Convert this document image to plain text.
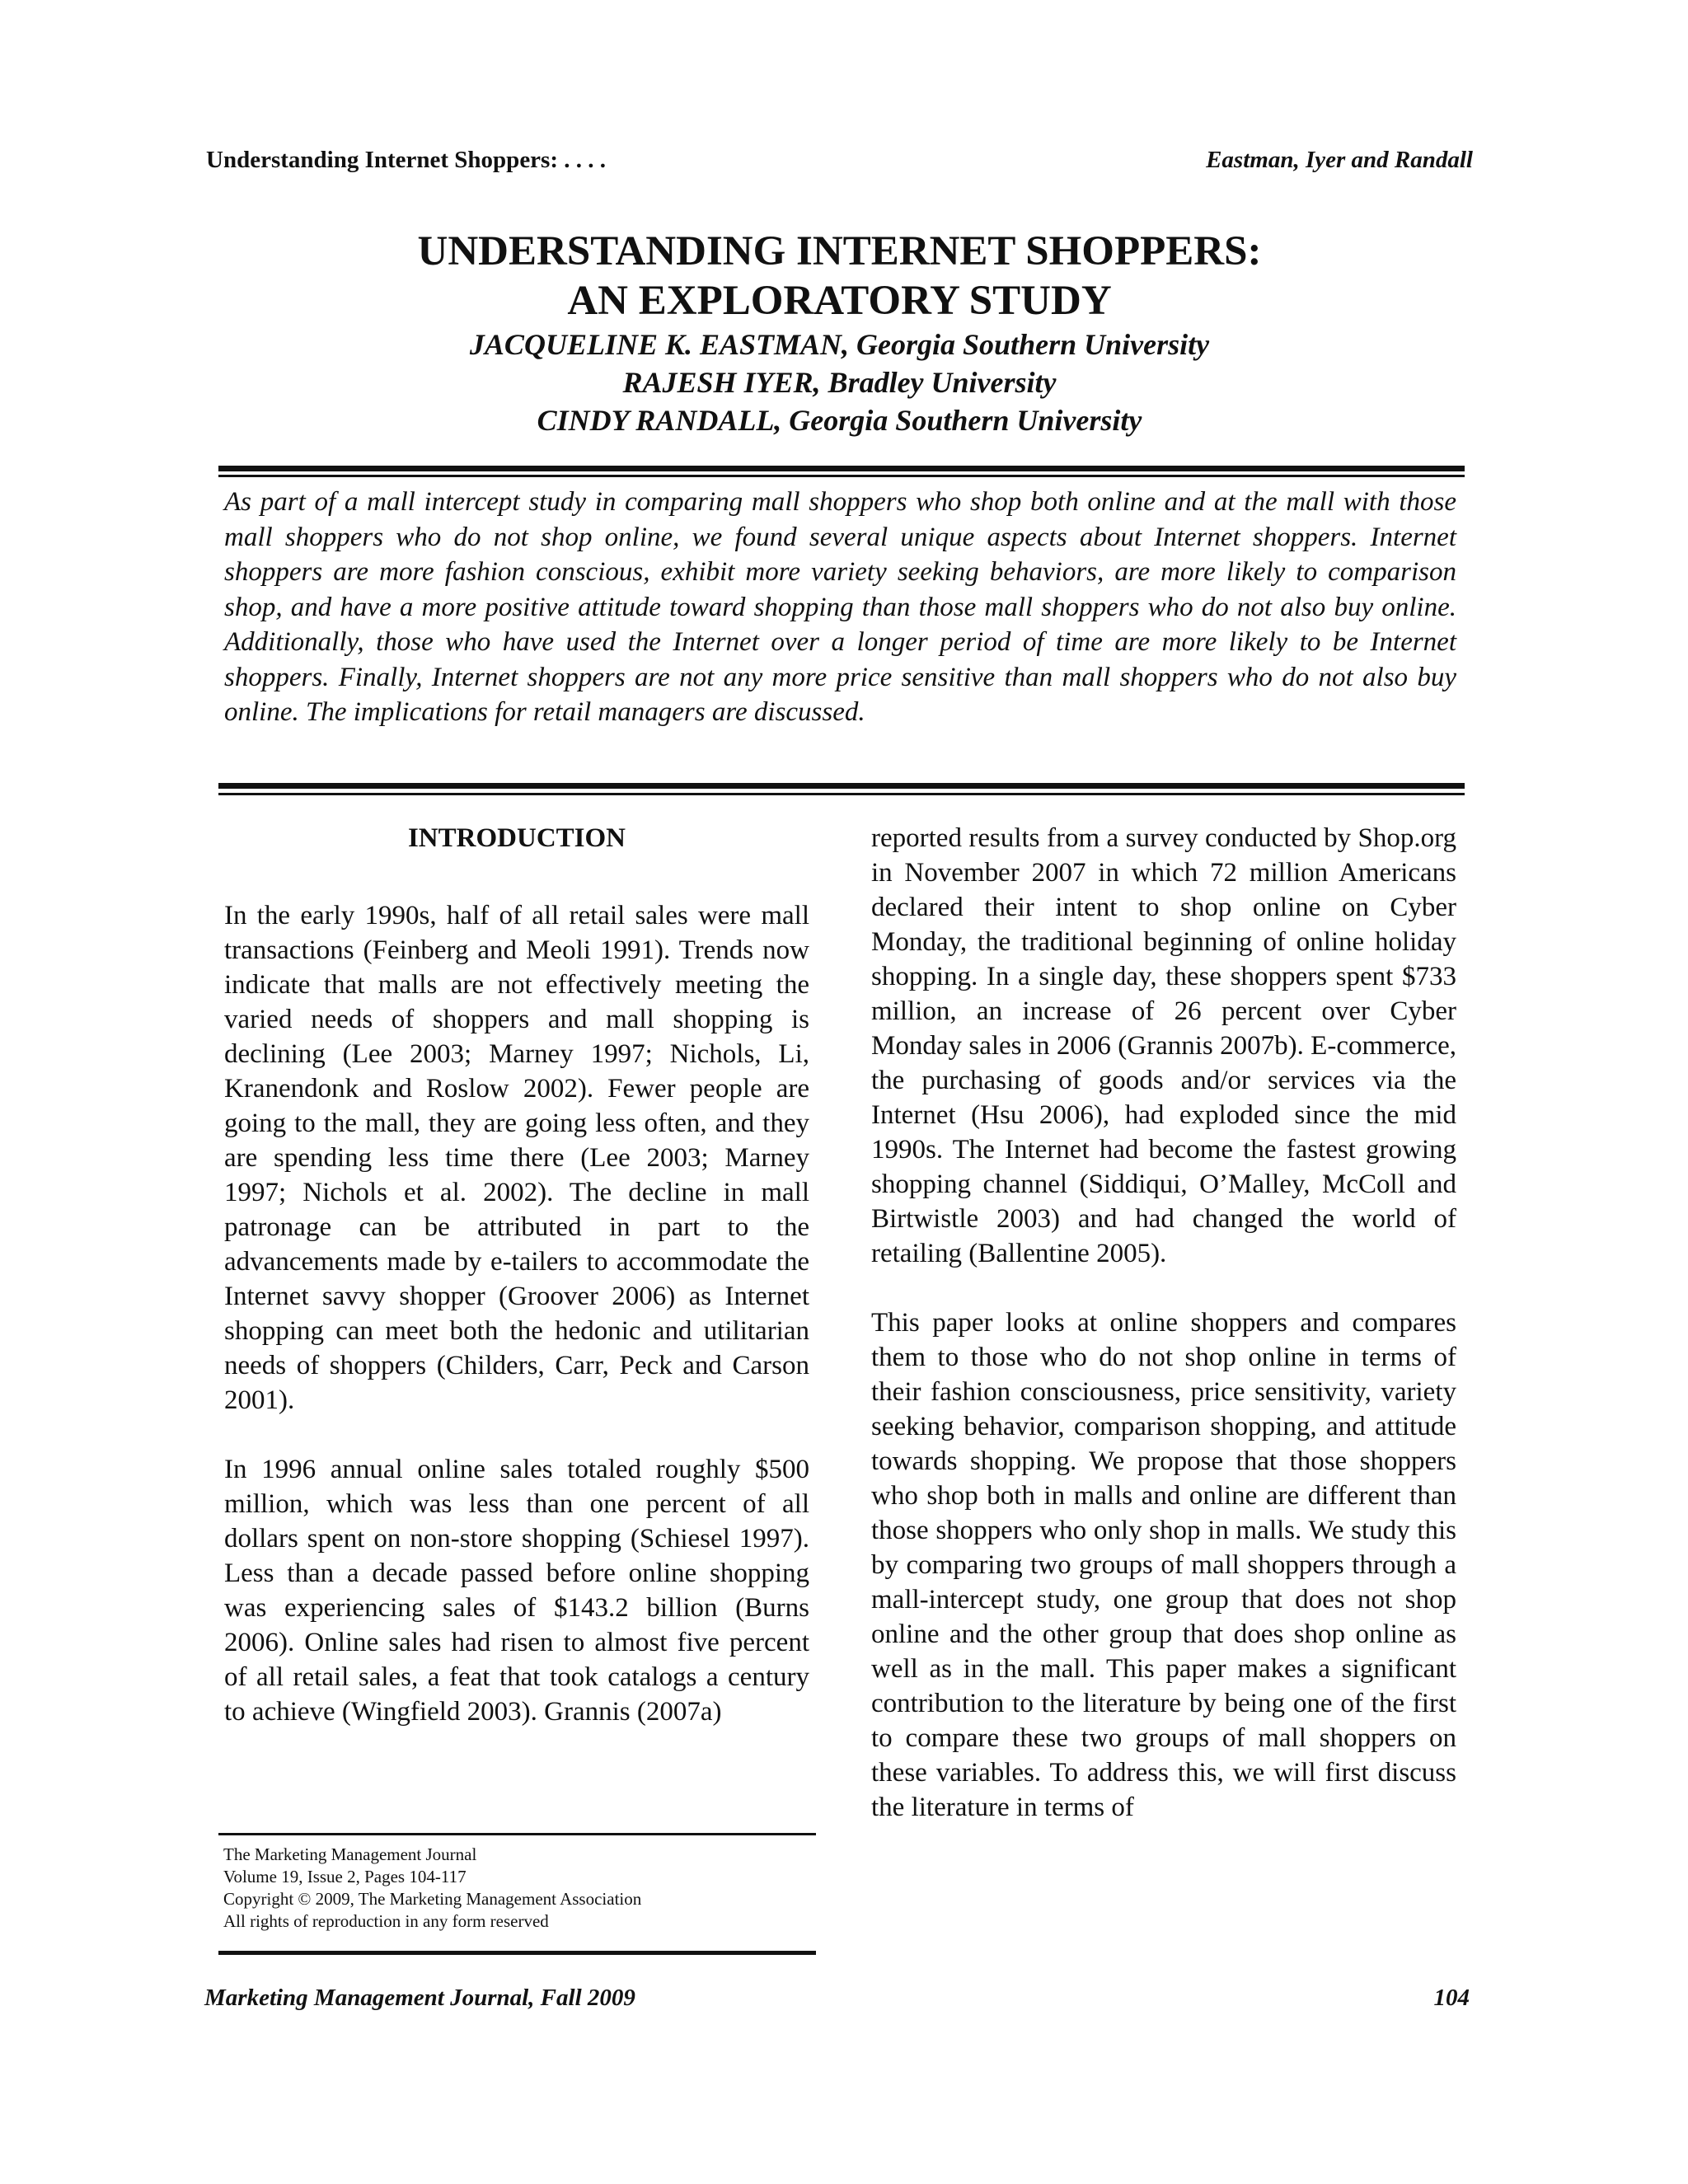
Understanding Internet Shoppers: . . . .	Eastman, Iyer and Randall
UNDERSTANDING INTERNET SHOPPERS:
AN EXPLORATORY STUDY
JACQUELINE K. EASTMAN, Georgia Southern University
RAJESH IYER, Bradley University
CINDY RANDALL, Georgia Southern University
As part of a mall intercept study in comparing mall shoppers who shop both online and at the mall with those mall shoppers who do not shop online, we found several unique aspects about Internet shoppers. Internet shoppers are more fashion conscious, exhibit more variety seeking behaviors, are more likely to comparison shop, and have a more positive attitude toward shopping than those mall shoppers who do not also buy online. Additionally, those who have used the Internet over a longer period of time are more likely to be Internet shoppers. Finally, Internet shoppers are not any more price sensitive than mall shoppers who do not also buy online. The implications for retail managers are discussed.
INTRODUCTION

In the early 1990s, half of all retail sales were mall transactions (Feinberg and Meoli 1991). Trends now indicate that malls are not effectively meeting the varied needs of shoppers and mall shopping is declining (Lee 2003; Marney 1997; Nichols, Li, Kranendonk and Roslow 2002). Fewer people are going to the mall, they are going less often, and they are spending less time there (Lee 2003; Marney 1997; Nichols et al. 2002). The decline in mall patronage can be attributed in part to the advancements made by e-tailers to accommodate the Internet savvy shopper (Groover 2006) as Internet shopping can meet both the hedonic and utilitarian needs of shoppers (Childers, Carr, Peck and Carson 2001).

In 1996 annual online sales totaled roughly $500 million, which was less than one percent of all dollars spent on non-store shopping (Schiesel 1997). Less than a decade passed before online shopping was experiencing sales of $143.2 billion (Burns 2006). Online sales had risen to almost five percent of all retail sales, a feat that took catalogs a century to achieve (Wingfield 2003). Grannis (2007a)

The Marketing Management Journal
Volume 19, Issue 2, Pages 104-117
Copyright © 2009, The Marketing Management Association
All rights of reproduction in any form reserved

reported results from a survey conducted by Shop.org in November 2007 in which 72 million Americans declared their intent to shop online on Cyber Monday, the traditional beginning of online holiday shopping. In a single day, these shoppers spent $733 million, an increase of 26 percent over Cyber Monday sales in 2006 (Grannis 2007b). E-commerce, the purchasing of goods and/or services via the Internet (Hsu 2006), had exploded since the mid 1990s. The Internet had become the fastest growing shopping channel (Siddiqui, O’Malley, McColl and Birtwistle 2003) and had changed the world of retailing (Ballentine 2005).

This paper looks at online shoppers and compares them to those who do not shop online in terms of their fashion consciousness, price sensitivity, variety seeking behavior, comparison shopping, and attitude towards shopping. We propose that those shoppers who shop both in malls and online are different than those shoppers who only shop in malls. We study this by comparing two groups of mall shoppers through a mall-intercept study, one group that does not shop online and the other group that does shop online as well as in the mall. This paper makes a significant contribution to the literature by being one of the first to compare these two groups of mall shoppers on these variables. To address this, we will first discuss the literature in terms of

Marketing Management Journal, Fall 2009	104
